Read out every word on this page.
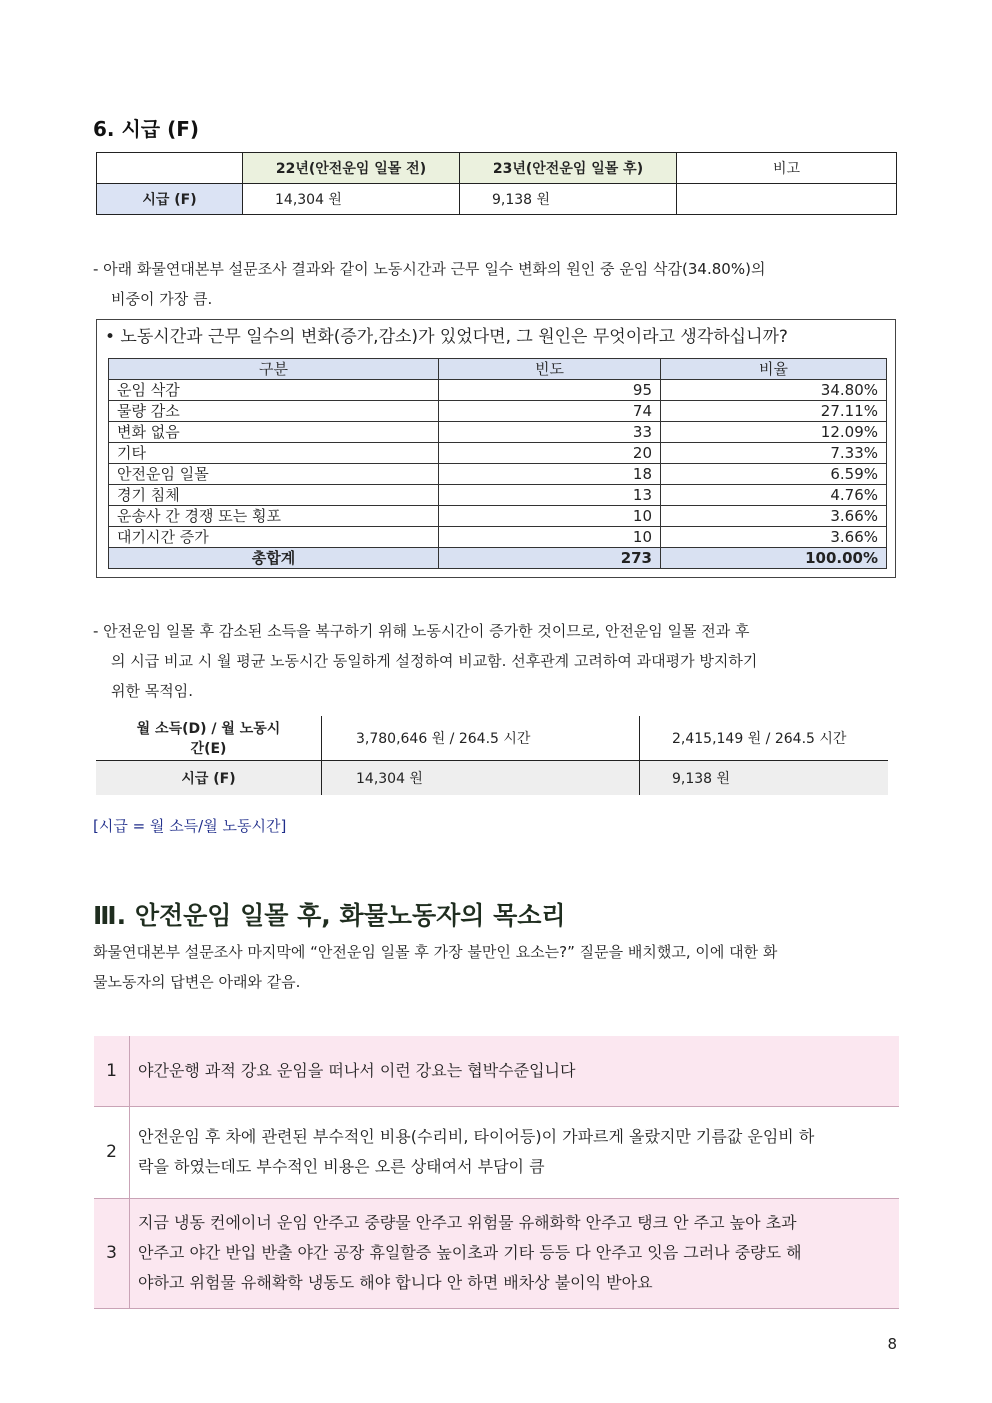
6. 시급 (F)
	22년(안전운임 일몰 전)	23년(안전운임 일몰 후)	비고
시급 (F)	14,304 원	9,138 원	
- 아래 화물연대본부 설문조사 결과와 같이 노동시간과 근무 일수 변화의 원인 중 운임 삭감(34.80%)의
비중이 가장 큼.
• 노동시간과 근무 일수의 변화(증가,감소)가 있었다면, 그 원인은 무엇이라고 생각하십니까?
구분	빈도	비율
운임 삭감	95	34.80%
물량 감소	74	27.11%
변화 없음	33	12.09%
기타	20	7.33%
안전운임 일몰	18	6.59%
경기 침체	13	4.76%
운송사 간 경쟁 또는 횡포	10	3.66%
대기시간 증가	10	3.66%
총합계	273	100.00%
- 안전운임 일몰 후 감소된 소득을 복구하기 위해 노동시간이 증가한 것이므로, 안전운임 일몰 전과 후
의 시급 비교 시 월 평균 노동시간 동일하게 설정하여 비교함. 선후관계 고려하여 과대평가 방지하기
위한 목적임.
월 소득(D) / 월 노동시
간(E)	3,780,646 원 / 264.5 시간	2,415,149 원 / 264.5 시간
시급 (F)	14,304 원	9,138 원
[시급 = 월 소득/월 노동시간]
Ⅲ. 안전운임 일몰 후, 화물노동자의 목소리
화물연대본부 설문조사 마지막에 “안전운임 일몰 후 가장 불만인 요소는?” 질문을 배치했고, 이에 대한 화
물노동자의 답변은 아래와 같음.
1	야간운행 과적 강요 운임을 떠나서 이런 강요는 협박수준입니다

2	안전운임 후 차에 관련된 부수적인 비용(수리비, 타이어등)이 가파르게 올랐지만 기름값 운임비 하
락을 하였는데도 부수적인 비용은 오른 상태여서 부담이 큼

3	지금 냉동 컨에이너 운임 안주고 중량물 안주고 위험물 유해화학 안주고 탱크 안 주고 높아 초과
안주고 야간 반입 반출 야간 공장 휴일할증 높이초과 기타 등등 다 안주고 잇음 그러나 중량도 해
야하고 위험물 유해확학 냉동도 해야 합니다 안 하면 배차상 불이익 받아요
8
